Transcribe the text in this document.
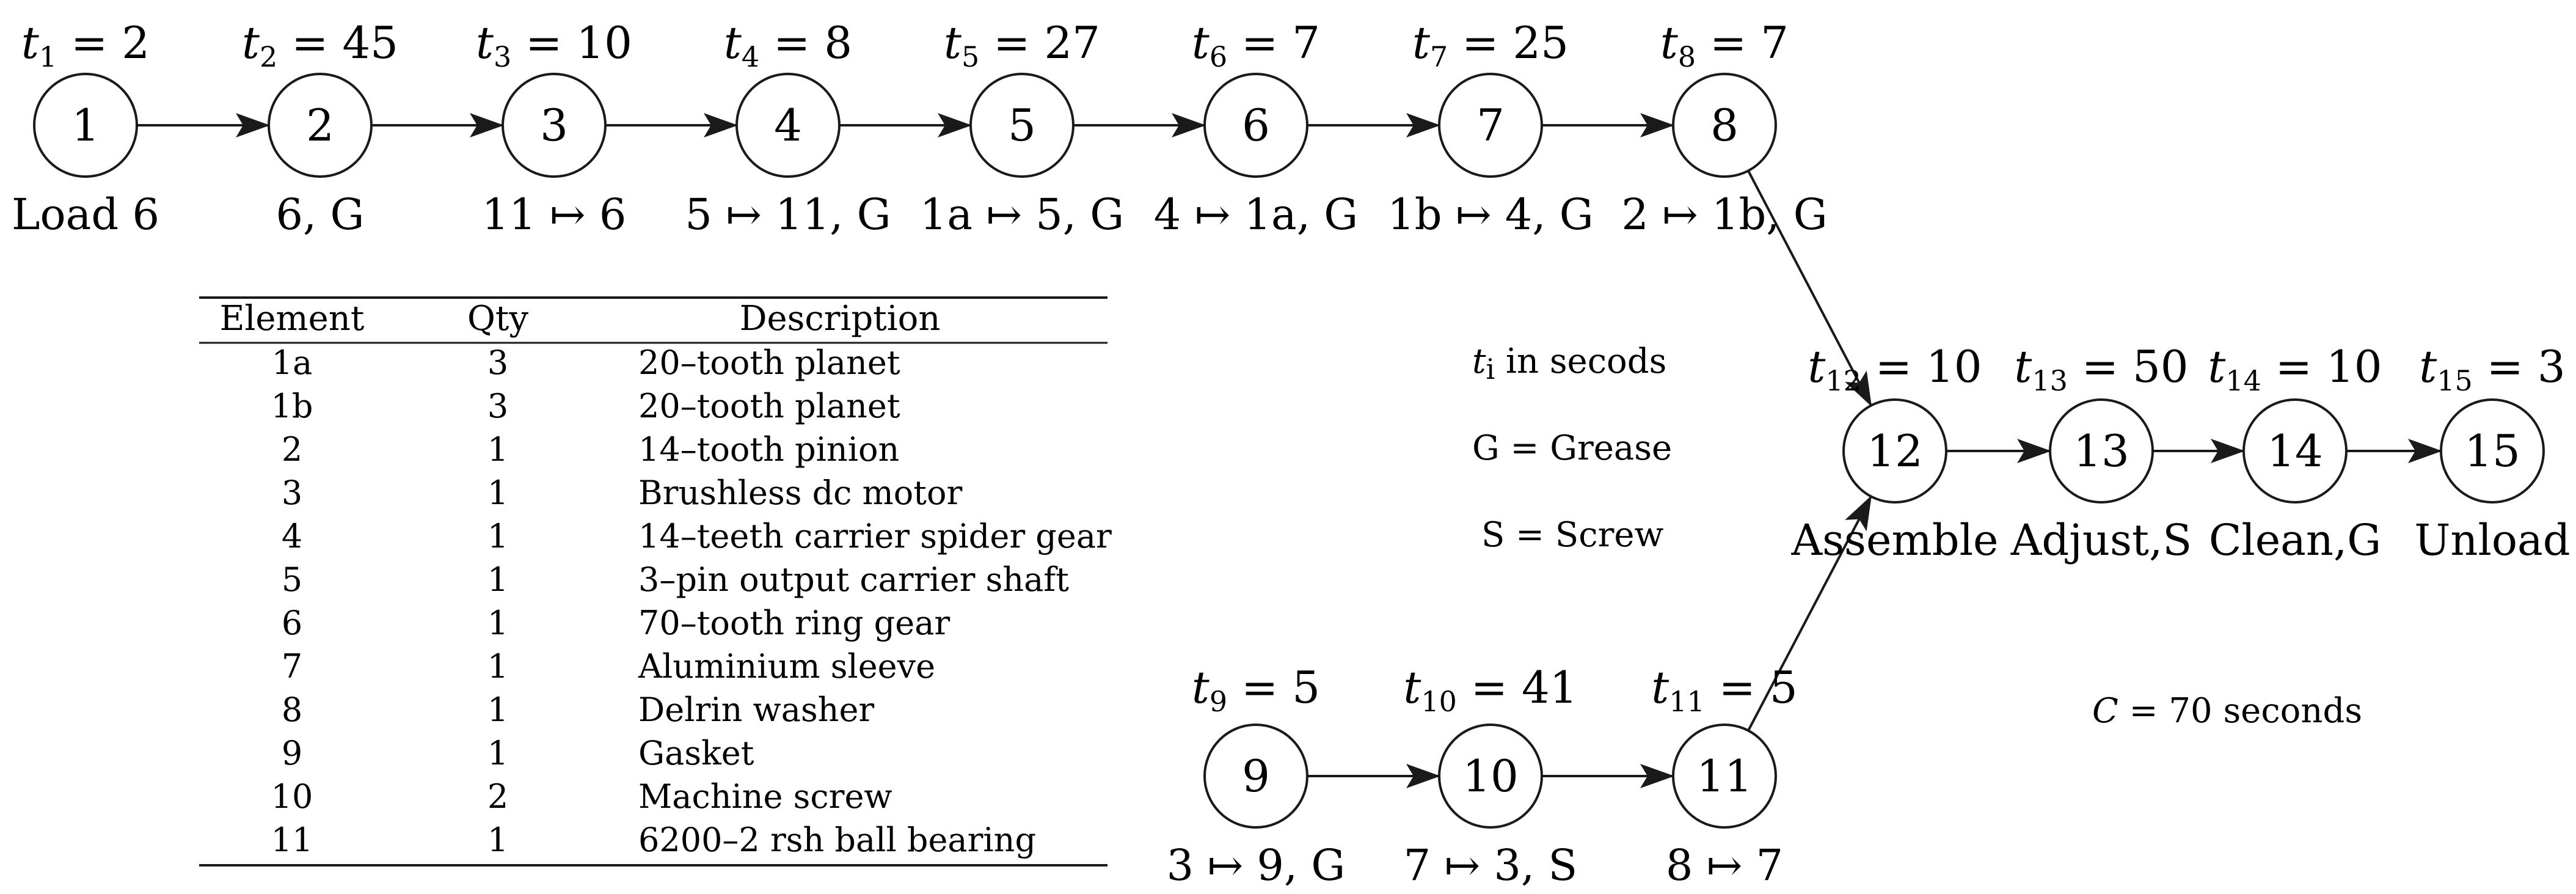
1
t1 = 2
Load 6
2
t2 = 45
6, G
3
t3 = 10
11 ↦ 6
4
t4 = 8
5 ↦ 11, G
5
t5 = 27
1a ↦ 5, G
6
t6 = 7
4 ↦ 1a, G
7
t7 = 25
1b ↦ 4, G
8
t8 = 7
2 ↦ 1b, G
9
t9 = 5
3 ↦ 9, G
10
t10 = 41
7 ↦ 3, S
11
t11 = 5
8 ↦ 7
12
t12 = 10
Assemble
13
t13 = 50
Adjust,S
14
t14 = 10
Clean,G
15
t15 = 3
Unload
ti in secods
G = Grease
S = Screw
C = 70 seconds
Element	Qty	Description
1a	3	20–tooth planet
1b	3	20–tooth planet
2	1	14–tooth pinion
3	1	Brushless dc motor
4	1	14–teeth carrier spider gear
5	1	3–pin output carrier shaft
6	1	70–tooth ring gear
7	1	Aluminium sleeve
8	1	Delrin washer
9	1	Gasket
10	2	Machine screw
11	1	6200–2 rsh ball bearing
